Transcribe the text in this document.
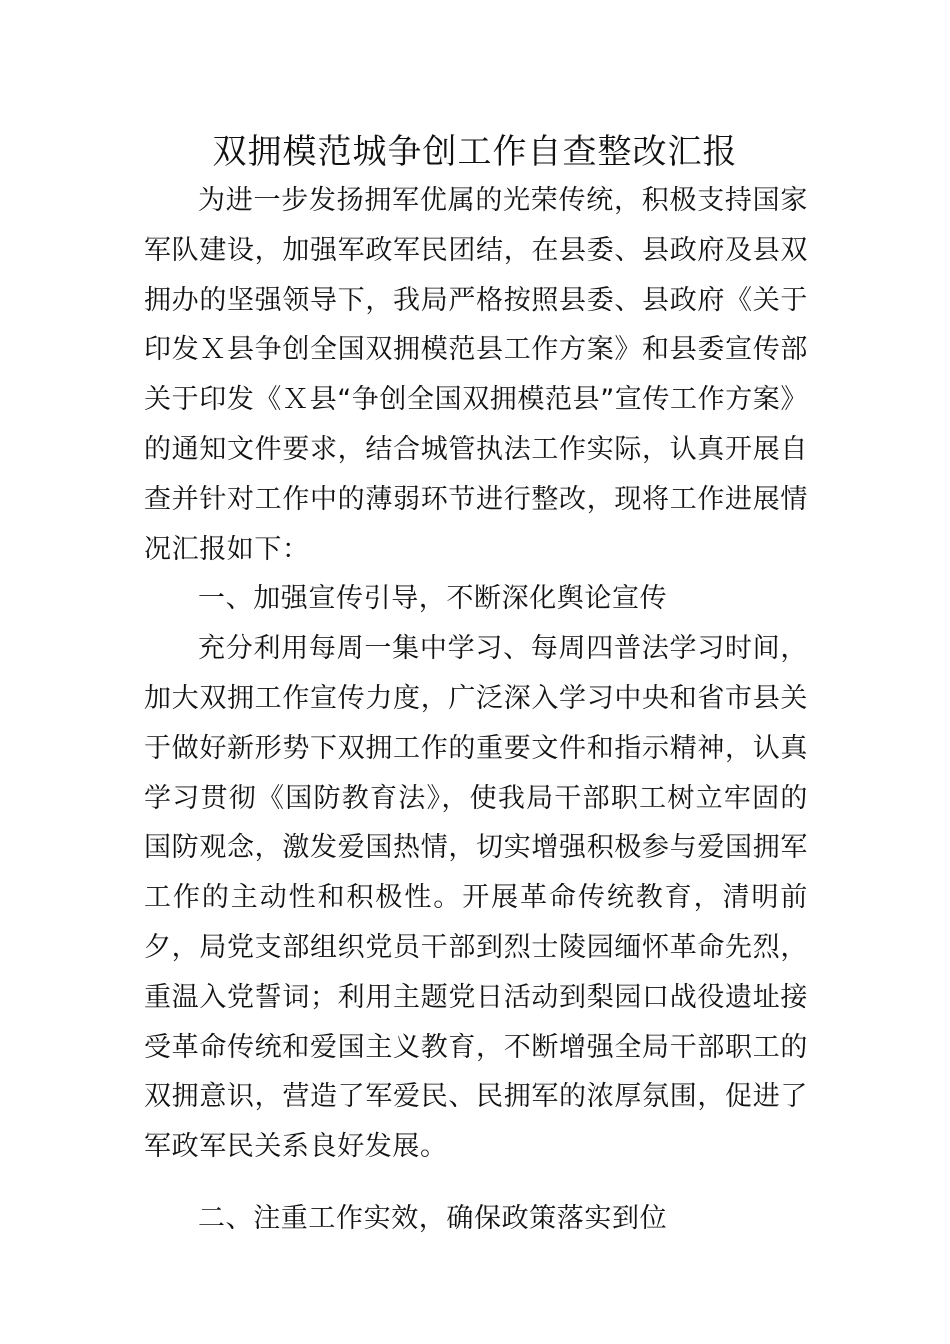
双拥模范城争创工作自查整改汇报

为进一步发扬拥军优属的光荣传统，积极支持国家军队建设，加强军政军民团结，在县委、县政府及县双拥办的坚强领导下，我局严格按照县委、县政府《关于印发Ｘ县争创全国双拥模范县工作方案》和县委宣传部关于印发《Ｘ县“争创全国双拥模范县”宣传工作方案》的通知文件要求，结合城管执法工作实际，认真开展自查并针对工作中的薄弱环节进行整改，现将工作进展情况汇报如下：

一、加强宣传引导，不断深化舆论宣传

充分利用每周一集中学习、每周四普法学习时间，加大双拥工作宣传力度，广泛深入学习中央和省市县关于做好新形势下双拥工作的重要文件和指示精神，认真学习贯彻《国防教育法》，使我局干部职工树立牢固的国防观念，激发爱国热情，切实增强积极参与爱国拥军工作的主动性和积极性。开展革命传统教育，清明前夕，局党支部组织党员干部到烈士陵园缅怀革命先烈，重温入党誓词；利用主题党日活动到梨园口战役遗址接受革命传统和爱国主义教育，不断增强全局干部职工的双拥意识，营造了军爱民、民拥军的浓厚氛围，促进了军政军民关系良好发展。

二、注重工作实效，确保政策落实到位
